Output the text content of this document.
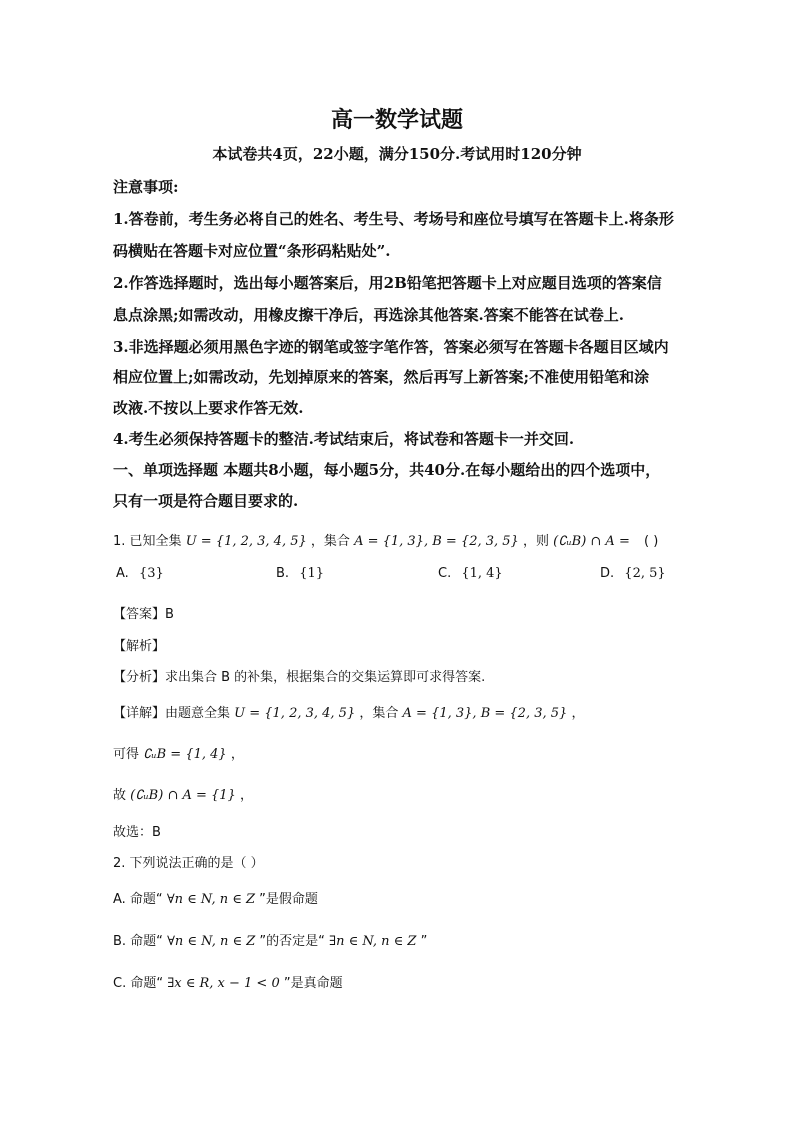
高一数学试题
本试卷共4页，22小题，满分150分.考试用时120分钟
注意事项:
1.答卷前，考生务必将自己的姓名、考生号、考场号和座位号填写在答题卡上.将条形
码横贴在答题卡对应位置“条形码粘贴处”.
2.作答选择题时，选出每小题答案后，用2B铅笔把答题卡上对应题目选项的答案信
息点涂黑;如需改动，用橡皮擦干净后，再选涂其他答案.答案不能答在试卷上.
3.非选择题必须用黑色字迹的钢笔或签字笔作答，答案必须写在答题卡各题目区域内
相应位置上;如需改动，先划掉原来的答案，然后再写上新答案;不准使用铅笔和涂
改液.不按以上要求作答无效.
4.考生必须保持答题卡的整洁.考试结束后，将试卷和答题卡一并交回.
一、单项选择题 本题共8小题，每小题5分，共40分.在每小题给出的四个选项中，
只有一项是符合题目要求的.
1. 已知全集 U = {1, 2, 3, 4, 5} ，集合 A = {1, 3}, B = {2, 3, 5} ，则 (∁ᵤB) ∩ A = ( )
A. {3}	B. {1}	C. {1, 4}	D. {2, 5}
【答案】B
【解析】
【分析】求出集合 B 的补集，根据集合的交集运算即可求得答案.
【详解】由题意全集 U = {1, 2, 3, 4, 5} ，集合 A = {1, 3}, B = {2, 3, 5} ，
可得 ∁ᵤB = {1, 4} ，
故 (∁ᵤB) ∩ A = {1} ，
故选：B
2. 下列说法正确的是（ ）
A. 命题“ ∀n ∈ N, n ∈ Z ”是假命题
B. 命题“ ∀n ∈ N, n ∈ Z ”的否定是“ ∃n ∈ N, n ∈ Z ”
C. 命题“ ∃x ∈ R, x − 1 < 0 ”是真命题
